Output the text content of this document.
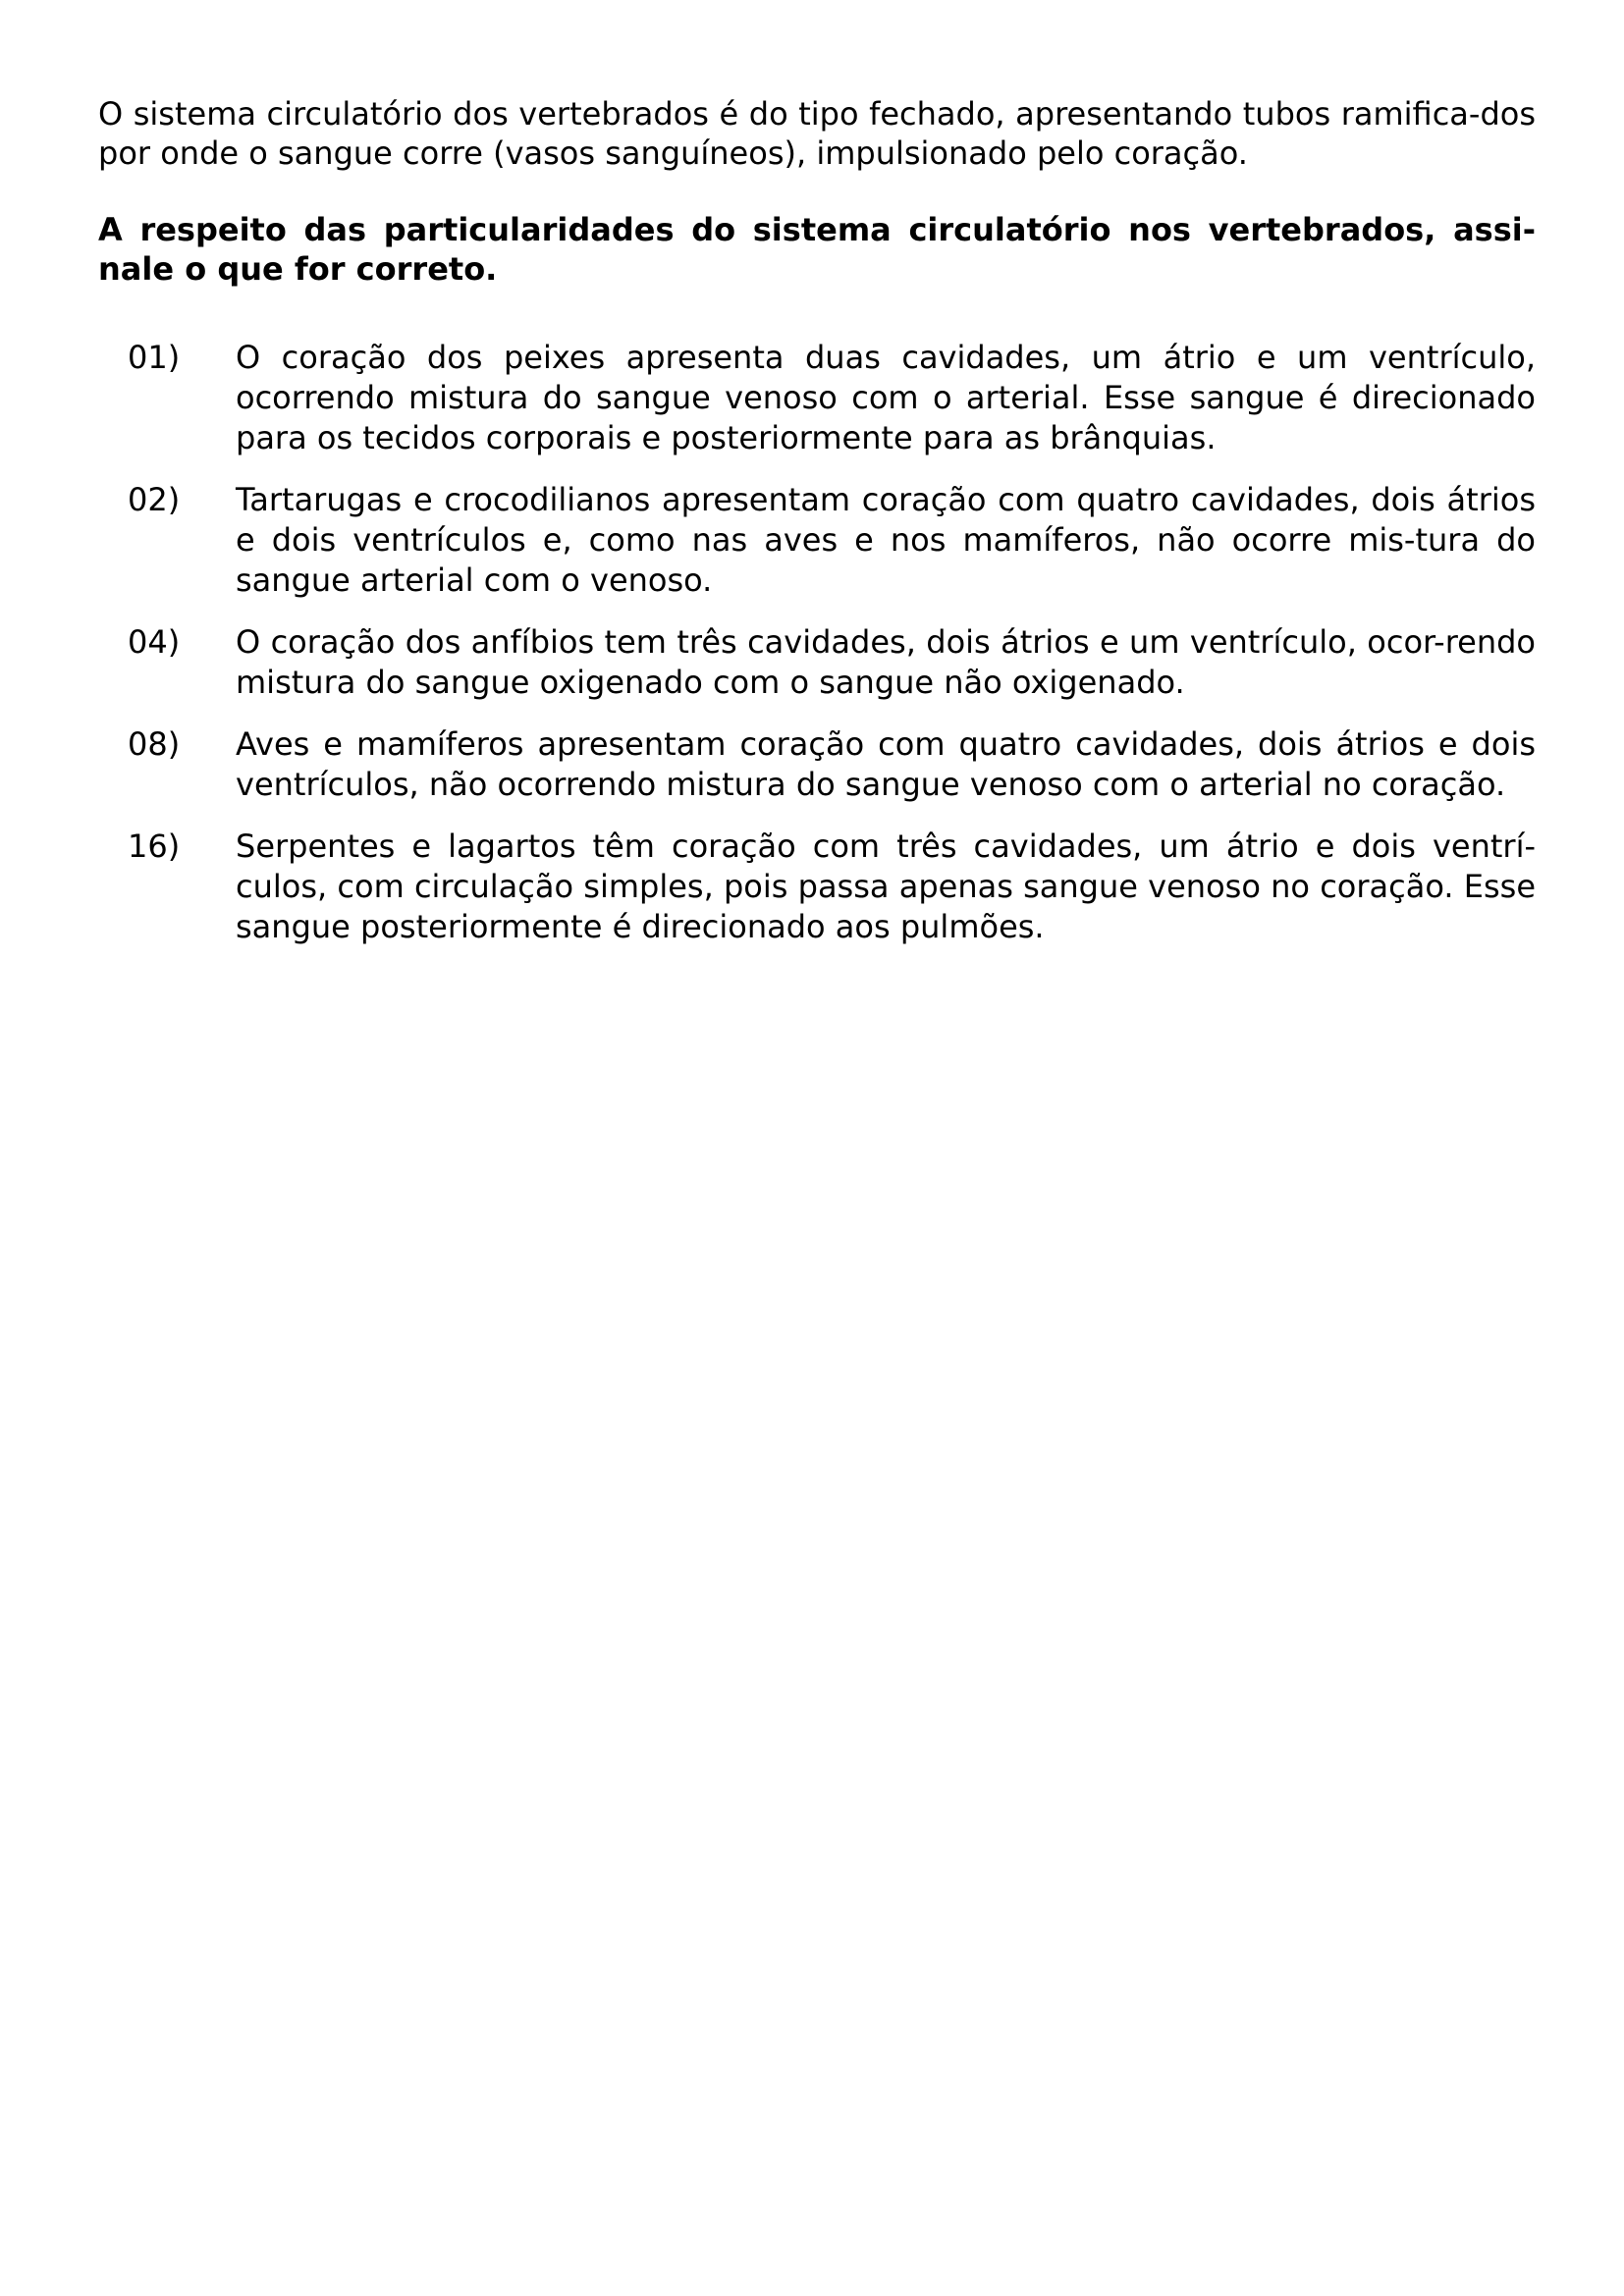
O sistema circulatório dos vertebrados é do tipo fechado, apresentando tubos ramifica-dos por onde o sangue corre (vasos sanguíneos), impulsionado pelo coração.

A respeito das particularidades do sistema circulatório nos vertebrados, assi-nale o que for correto.

01)	O coração dos peixes apresenta duas cavidades, um átrio e um ventrículo, ocorrendo mistura do sangue venoso com o arterial. Esse sangue é direcionado para os tecidos corporais e posteriormente para as brânquias.
02)	Tartarugas e crocodilianos apresentam coração com quatro cavidades, dois átrios e dois ventrículos e, como nas aves e nos mamíferos, não ocorre mis-tura do sangue arterial com o venoso.
04)	O coração dos anfíbios tem três cavidades, dois átrios e um ventrículo, ocor-rendo mistura do sangue oxigenado com o sangue não oxigenado.
08)	Aves e mamíferos apresentam coração com quatro cavidades, dois átrios e dois ventrículos, não ocorrendo mistura do sangue venoso com o arterial no coração.
16)	Serpentes e lagartos têm coração com três cavidades, um átrio e dois ventrí-culos, com circulação simples, pois passa apenas sangue venoso no coração. Esse sangue posteriormente é direcionado aos pulmões.
